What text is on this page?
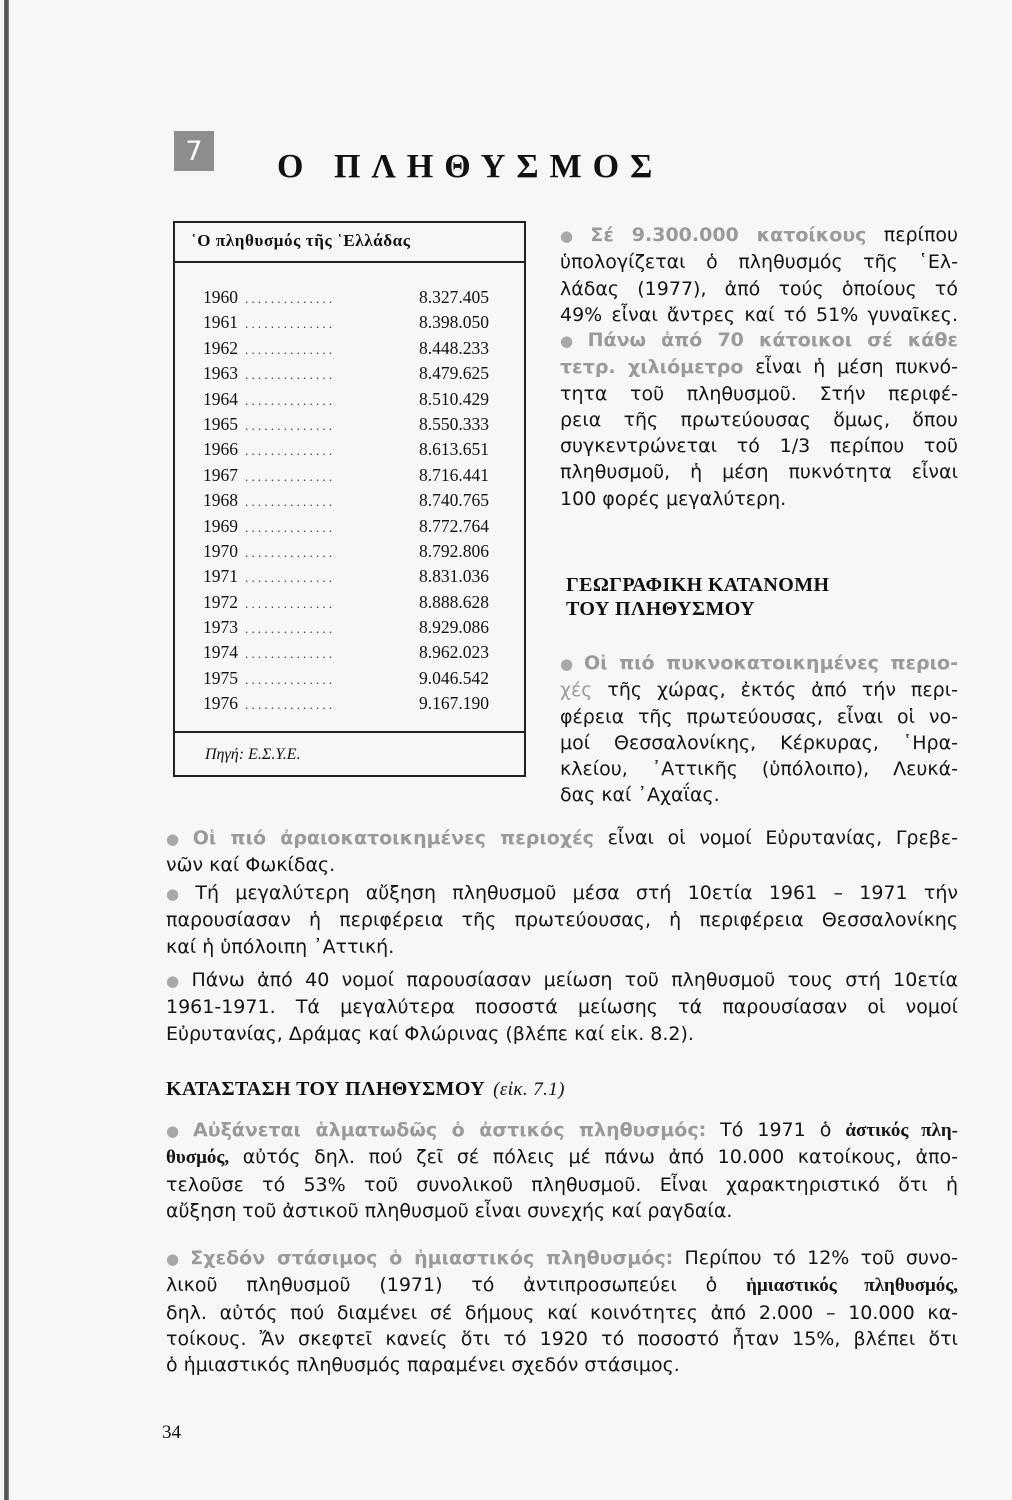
7 Ο ΠΛΗΘΥΣΜΟΣ
῾Ο πληθυσμός τῆς ῾Ελλάδας
1960 ..............	8.327.405
1961 ..............	8.398.050
1962 ..............	8.448.233
1963 ..............	8.479.625
1964 ..............	8.510.429
1965 ..............	8.550.333
1966 ..............	8.613.651
1967 ..............	8.716.441
1968 ..............	8.740.765
1969 ..............	8.772.764
1970 ..............	8.792.806
1971 ..............	8.831.036
1972 ..............	8.888.628
1973 ..............	8.929.086
1974 ..............	8.962.023
1975 ..............	9.046.542
1976 ..............	9.167.190
Πηγή: Ε.Σ.Υ.Ε.
● Σέ 9.300.000 κατοίκους περίπου
ὑπολογίζεται ὁ πληθυσμός τῆς ῾Ελ-
λάδας (1977), ἀπό τούς ὁποίους τό
49% εἶναι ἄντρες καί τό 51% γυναῖκες.
● Πάνω ἀπό 70 κάτοικοι σέ κάθε
τετρ. χιλιόμετρο εἶναι ἡ μέση πυκνό-
τητα τοῦ πληθυσμοῦ. Στήν περιφέ-
ρεια τῆς πρωτεύουσας ὅμως, ὅπου
συγκεντρώνεται τό 1/3 περίπου τοῦ
πληθυσμοῦ, ἡ μέση πυκνότητα εἶναι
100 φορές μεγαλύτερη.
ΓΕΩΓΡΑΦΙΚΗ ΚΑΤΑΝΟΜΗ
ΤΟΥ ΠΛΗΘΥΣΜΟΥ
● Οἱ πιό πυκνοκατοικημένες περιο-
χές τῆς χώρας, ἐκτός ἀπό τήν περι-
φέρεια τῆς πρωτεύουσας, εἶναι οἱ νο-
μοί Θεσσαλονίκης, Κέρκυρας, ῾Ηρα-
κλείου, ᾿Αττικῆς (ὑπόλοιπο), Λευκά-
δας καί ᾿Αχαΐας.
● Οἱ πιό ἀραιοκατοικημένες περιοχές εἶναι οἱ νομοί Εὐρυτανίας, Γρεβε-
νῶν καί Φωκίδας.
● Τή μεγαλύτερη αὔξηση πληθυσμοῦ μέσα στή 10ετία 1961 – 1971 τήν
παρουσίασαν ἡ περιφέρεια τῆς πρωτεύουσας, ἡ περιφέρεια Θεσσαλονίκης
καί ἡ ὑπόλοιπη ᾿Αττική.
● Πάνω ἀπό 40 νομοί παρουσίασαν μείωση τοῦ πληθυσμοῦ τους στή 10ετία
1961-1971. Τά μεγαλύτερα ποσοστά μείωσης τά παρουσίασαν οἱ νομοί
Εὐρυτανίας, Δράμας καί Φλώρινας (βλέπε καί εἰκ. 8.2).
ΚΑΤΑΣΤΑΣΗ ΤΟΥ ΠΛΗΘΥΣΜΟΥ (εἰκ. 7.1)
● Αὐξάνεται ἁλματωδῶς ὁ ἀστικός πληθυσμός: Τό 1971 ὁ ἀστικός πλη-
θυσμός, αὐτός δηλ. πού ζεῖ σέ πόλεις μέ πάνω ἀπό 10.000 κατοίκους, ἀπο-
τελοῦσε τό 53% τοῦ συνολικοῦ πληθυσμοῦ. Εἶναι χαρακτηριστικό ὅτι ἡ
αὔξηση τοῦ ἀστικοῦ πληθυσμοῦ εἶναι συνεχής καί ραγδαία.
● Σχεδόν στάσιμος ὁ ἡμιαστικός πληθυσμός: Περίπου τό 12% τοῦ συνο-
λικοῦ πληθυσμοῦ (1971) τό ἀντιπροσωπεύει ὁ ἡμιαστικός πληθυσμός,
δηλ. αὐτός πού διαμένει σέ δήμους καί κοινότητες ἀπό 2.000 – 10.000 κα-
τοίκους. Ἄν σκεφτεῖ κανείς ὅτι τό 1920 τό ποσοστό ἦταν 15%, βλέπει ὅτι
ὁ ἡμιαστικός πληθυσμός παραμένει σχεδόν στάσιμος.
34
